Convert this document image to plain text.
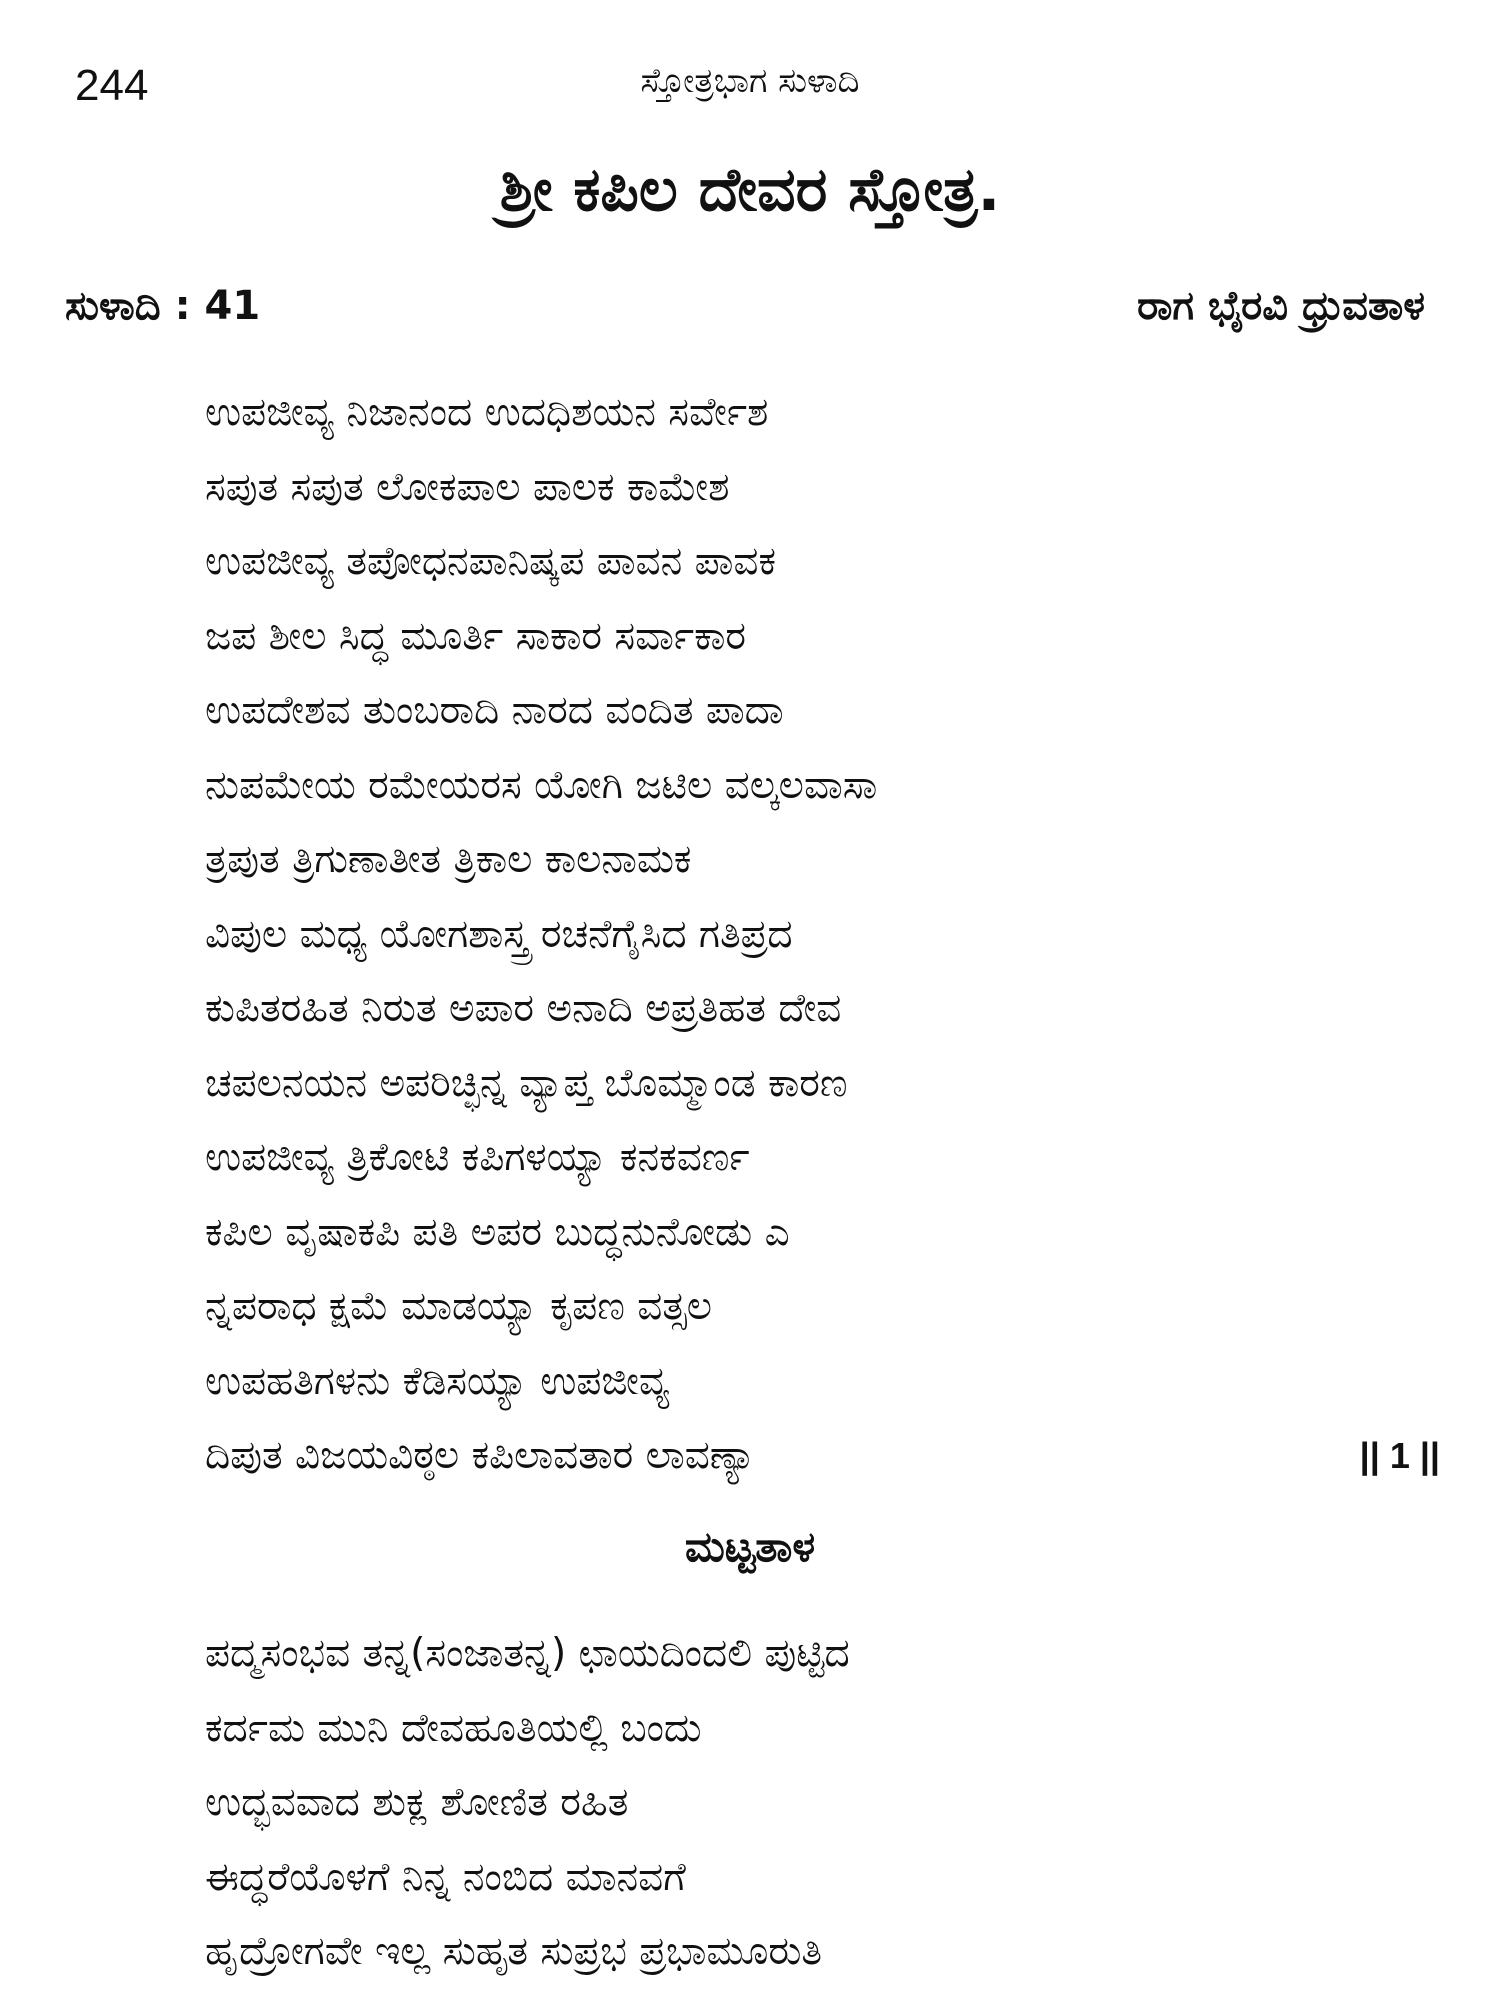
244	ಸ್ತೋತ್ರಭಾಗ ಸುಳಾದಿ
ಶ್ರೀ ಕಪಿಲ ದೇವರ ಸ್ತೋತ್ರ.
ಸುಳಾದಿ : 41	ರಾಗ ಭೈರವಿ ಧ್ರುವತಾಳ
ಉಪಜೀವ್ಯ ನಿಜಾನಂದ ಉದಧಿಶಯನ ಸರ್ವೇಶ
ಸಪುತ ಸಪುತ ಲೋಕಪಾಲ ಪಾಲಕ ಕಾಮೇಶ
ಉಪಜೀವ್ಯ ತಪೋಧನಪಾನಿಷ್ಕಪ ಪಾವನ ಪಾವಕ
ಜಪ ಶೀಲ ಸಿದ್ಧ ಮೂರ್ತಿ ಸಾಕಾರ ಸರ್ವಾಕಾರ
ಉಪದೇಶವ ತುಂಬರಾದಿ ನಾರದ ವಂದಿತ ಪಾದಾ
ನುಪಮೇಯ ರಮೇಯರಸ ಯೋಗಿ ಜಟಿಲ ವಲ್ಕಲವಾಸಾ
ತ್ರಪುತ ತ್ರಿಗುಣಾತೀತ ತ್ರಿಕಾಲ ಕಾಲನಾಮಕ
ವಿಪುಲ ಮಧ್ಯ ಯೋಗಶಾಸ್ತ್ರ ರಚನೆಗೈಸಿದ ಗತಿಪ್ರದ
ಕುಪಿತರಹಿತ ನಿರುತ ಅಪಾರ ಅನಾದಿ ಅಪ್ರತಿಹತ ದೇವ
ಚಪಲನಯನ ಅಪರಿಚ್ಛಿನ್ನ ವ್ಯಾಪ್ತ ಬೊಮ್ಮಾಂಡ ಕಾರಣ
ಉಪಜೀವ್ಯ ತ್ರಿಕೋಟಿ ಕಪಿಗಳಯ್ಯಾ ಕನಕವರ್ಣ
ಕಪಿಲ ವೃಷಾಕಪಿ ಪತಿ ಅಪರ ಬುದ್ಧನುನೋಡು ಎ
ನ್ನಪರಾಧ ಕ್ಷಮೆ ಮಾಡಯ್ಯಾ ಕೃಪಣ ವತ್ಸಲ
ಉಪಹತಿಗಳನು ಕೆಡಿಸಯ್ಯಾ ಉಪಜೀವ್ಯ
ದಿಪುತ ವಿಜಯವಿಠ್ಠಲ ಕಪಿಲಾವತಾರ ಲಾವಣ್ಯಾ	|| 1 ||
ಮಟ್ಟತಾಳ
ಪದ್ಮಸಂಭವ ತನ್ನ(ಸಂಜಾತನ್ನ) ಛಾಯದಿಂದಲಿ ಪುಟ್ಟಿದ
ಕರ್ದಮ ಮುನಿ ದೇವಹೂತಿಯಲ್ಲಿ ಬಂದು
ಉದ್ಭವವಾದ ಶುಕ್ಲ ಶೋಣಿತ ರಹಿತ
ಈದ್ಧರೆಯೊಳಗೆ ನಿನ್ನ ನಂಬಿದ ಮಾನವಗೆ
ಹೃದ್ರೋಗವೇ ಇಲ್ಲ ಸುಹೃತ ಸುಪ್ರಭ ಪ್ರಭಾಮೂರುತಿ
